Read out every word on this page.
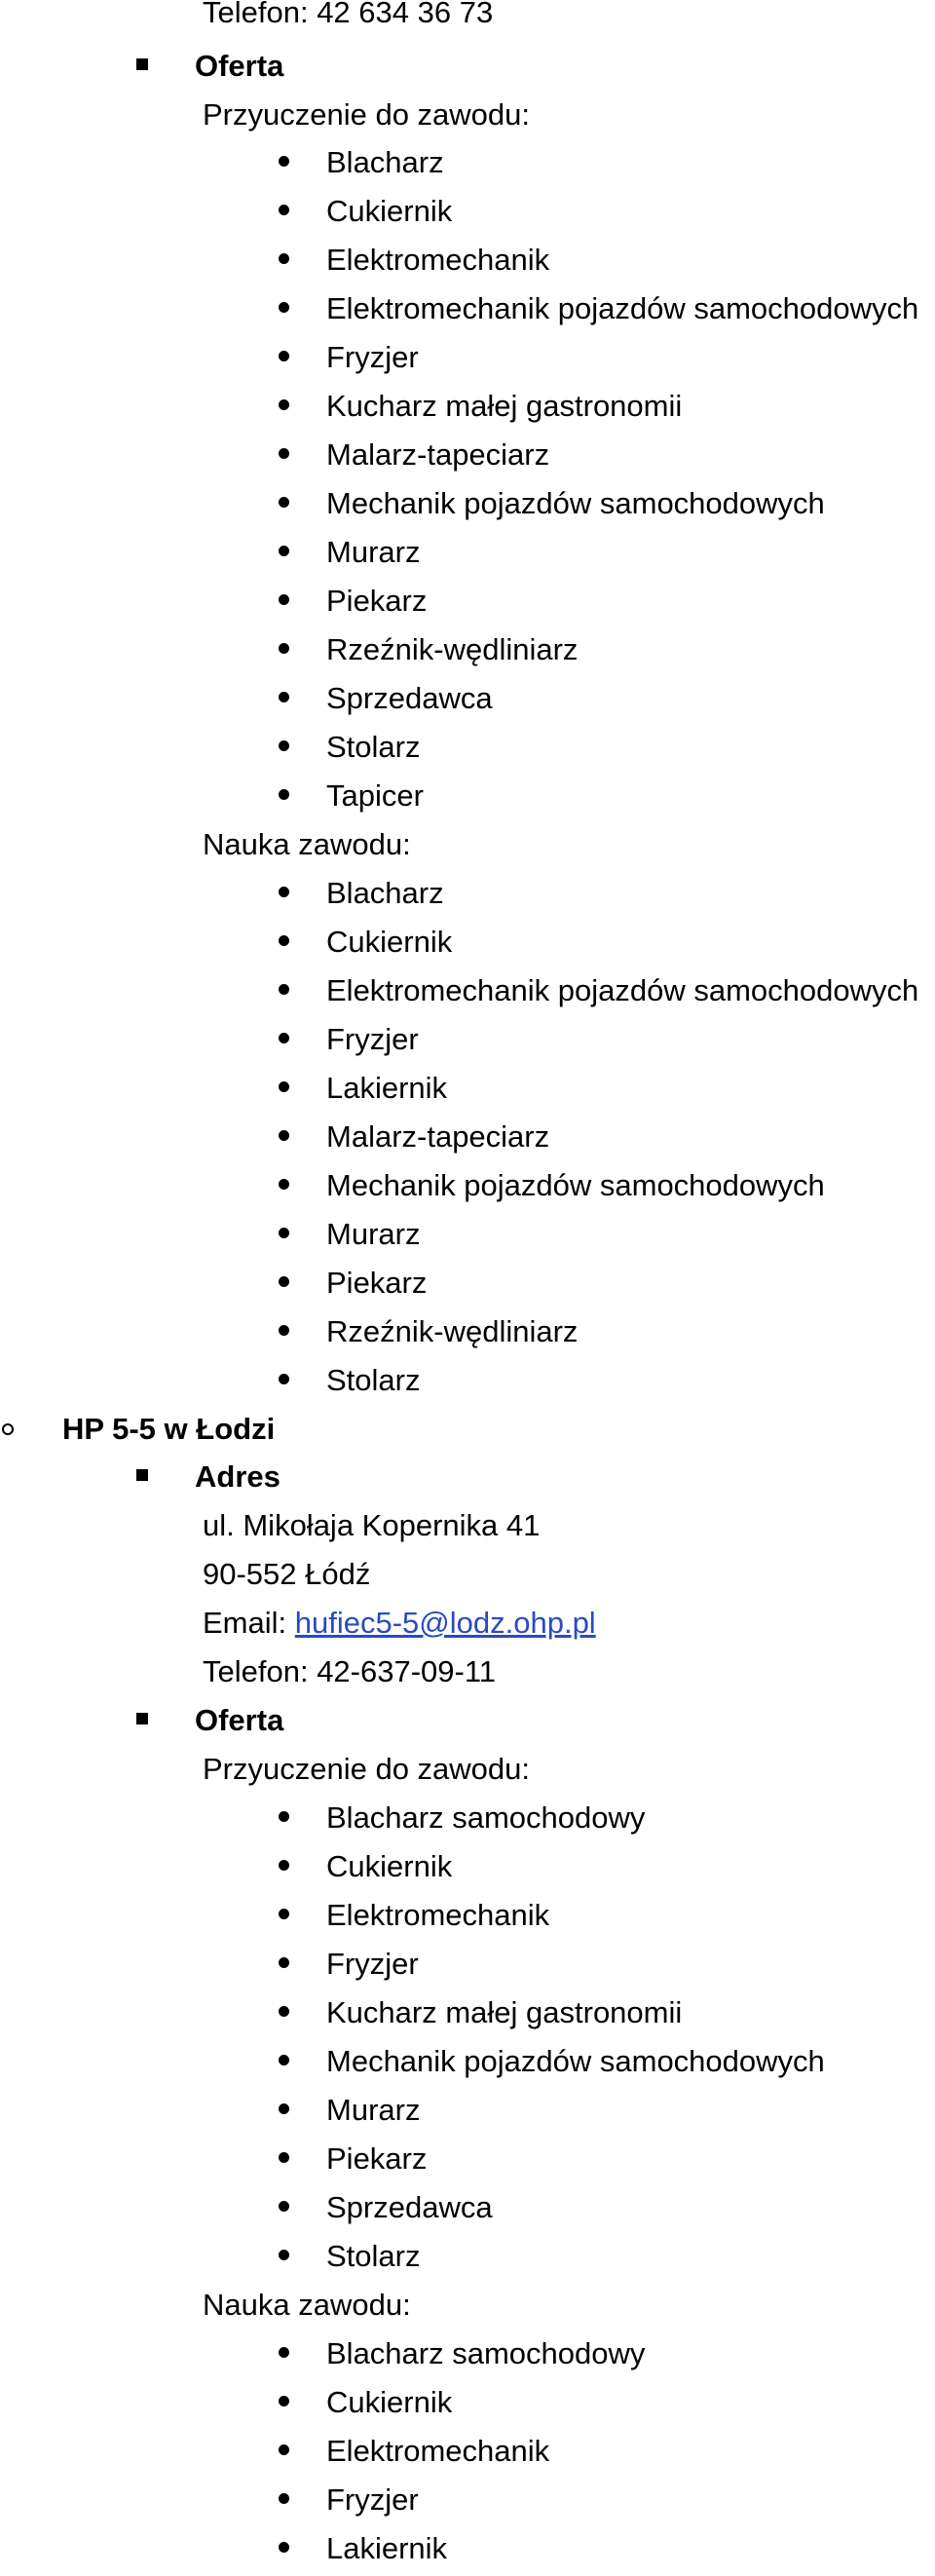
Telefon: 42 634 36 73
Oferta
Przyuczenie do zawodu:
Blacharz
Cukiernik
Elektromechanik
Elektromechanik pojazdów samochodowych
Fryzjer
Kucharz małej gastronomii
Malarz-tapeciarz
Mechanik pojazdów samochodowych
Murarz
Piekarz
Rzeźnik-wędliniarz
Sprzedawca
Stolarz
Tapicer
Nauka zawodu:
Blacharz
Cukiernik
Elektromechanik pojazdów samochodowych
Fryzjer
Lakiernik
Malarz-tapeciarz
Mechanik pojazdów samochodowych
Murarz
Piekarz
Rzeźnik-wędliniarz
Stolarz
HP 5-5 w Łodzi
Adres
ul. Mikołaja Kopernika 41
90-552 Łódź
Email: hufiec5-5@lodz.ohp.pl
Telefon: 42-637-09-11
Oferta
Przyuczenie do zawodu:
Blacharz samochodowy
Cukiernik
Elektromechanik
Fryzjer
Kucharz małej gastronomii
Mechanik pojazdów samochodowych
Murarz
Piekarz
Sprzedawca
Stolarz
Nauka zawodu:
Blacharz samochodowy
Cukiernik
Elektromechanik
Fryzjer
Lakiernik
